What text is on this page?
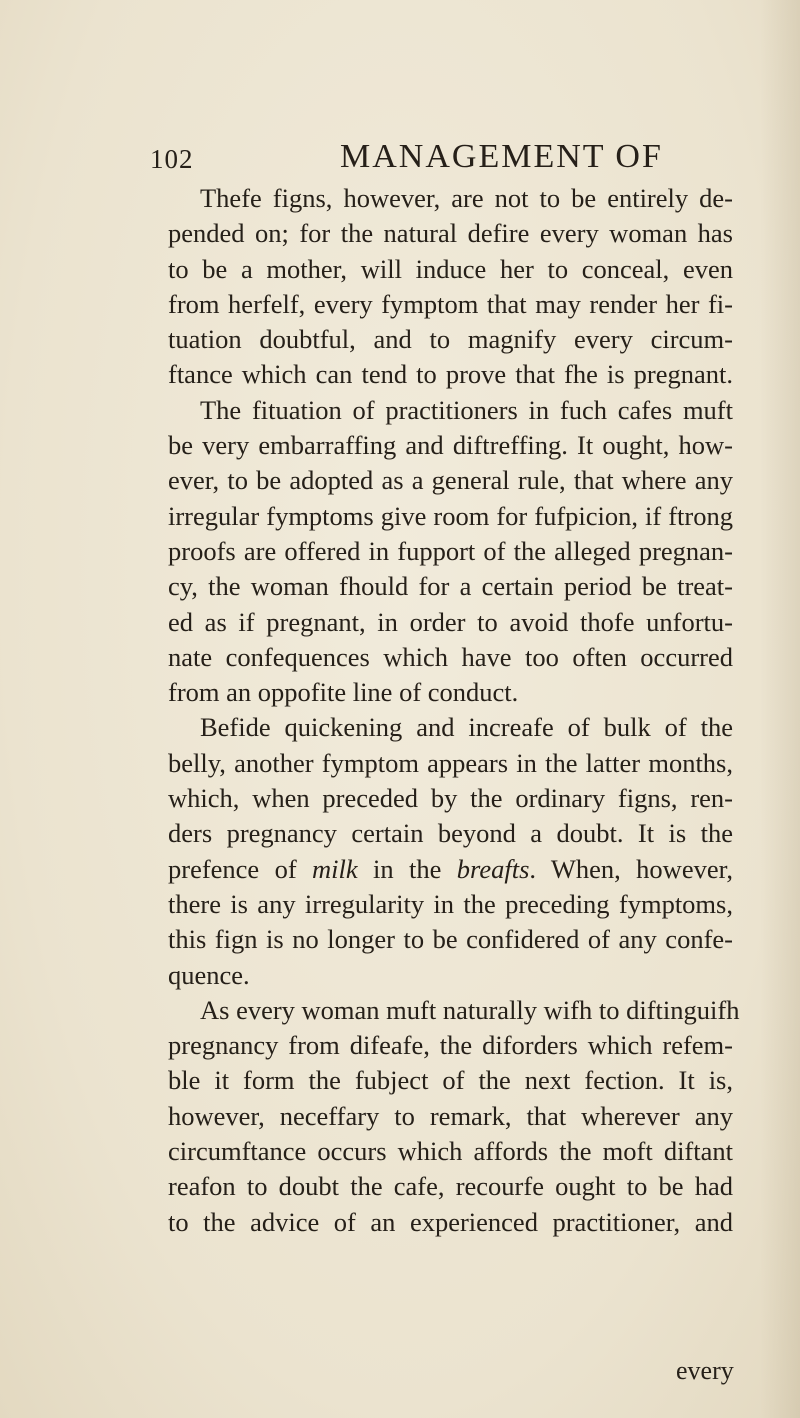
102	MANAGEMENT OF
Thefe figns, however, are not to be entirely de-
pended on; for the natural defire every woman has
to be a mother, will induce her to conceal, even
from herfelf, every fymptom that may render her fi-
tuation doubtful, and to magnify every circum-
ftance which can tend to prove that fhe is pregnant.
The fituation of practitioners in fuch cafes muft
be very embarraffing and diftreffing. It ought, how-
ever, to be adopted as a general rule, that where any
irregular fymptoms give room for fufpicion, if ftrong
proofs are offered in fupport of the alleged pregnan-
cy, the woman fhould for a certain period be treat-
ed as if pregnant, in order to avoid thofe unfortu-
nate confequences which have too often occurred
from an oppofite line of conduct.
Befide quickening and increafe of bulk of the
belly, another fymptom appears in the latter months,
which, when preceded by the ordinary figns, ren-
ders pregnancy certain beyond a doubt. It is the
prefence of milk in the breafts. When, however,
there is any irregularity in the preceding fymptoms,
this fign is no longer to be confidered of any confe-
quence.
As every woman muft naturally wifh to diftinguifh
pregnancy from difeafe, the diforders which refem-
ble it form the fubject of the next fection. It is,
however, neceffary to remark, that wherever any
circumftance occurs which affords the moft diftant
reafon to doubt the cafe, recourfe ought to be had
to the advice of an experienced practitioner, and
every
